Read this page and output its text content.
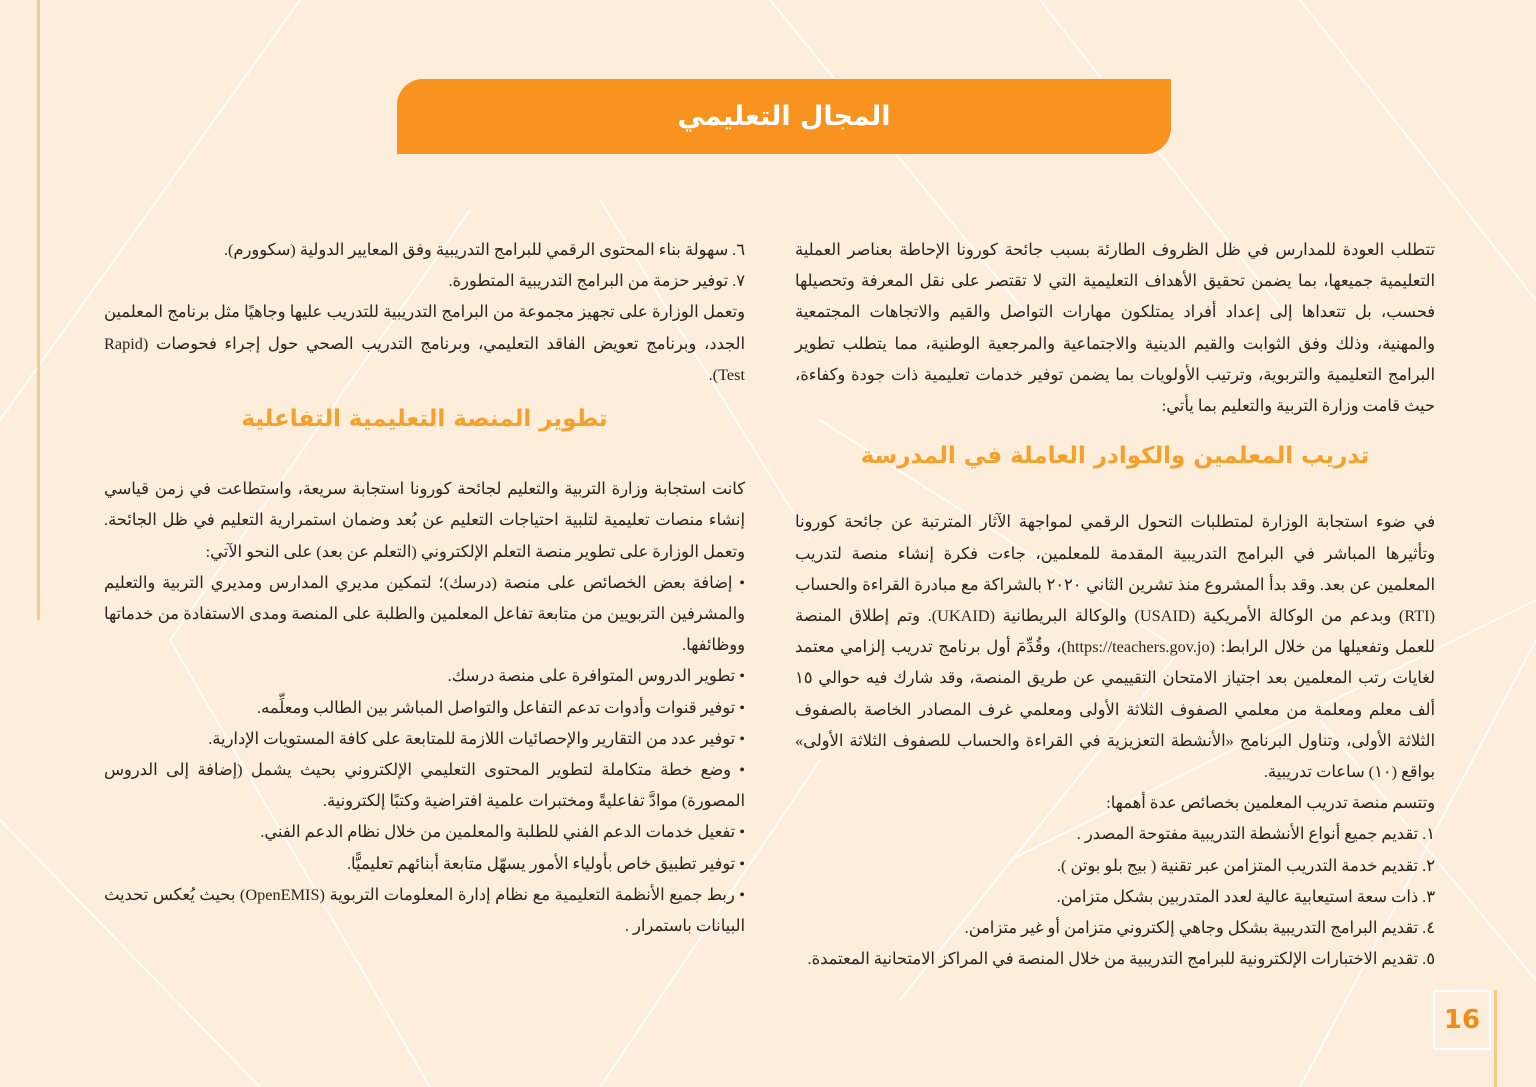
المجال التعليمي

تتطلب العودة للمدارس في ظل الظروف الطارئة بسبب جائحة كورونا الإحاطة بعناصر العملية التعليمية جميعها، بما يضمن تحقيق الأهداف التعليمية التي لا تقتصر على نقل المعرفة وتحصيلها فحسب، بل تتعداها إلى إعداد أفراد يمتلكون مهارات التواصل والقيم والاتجاهات المجتمعية والمهنية، وذلك وفق الثوابت والقيم الدينية والاجتماعية والمرجعية الوطنية، مما يتطلب تطوير البرامج التعليمية والتربوية، وترتيب الأولويات بما يضمن توفير خدمات تعليمية ذات جودة وكفاءة، حيث قامت وزارة التربية والتعليم بما يأتي:

تدريب المعلمين والكوادر العاملة في المدرسة

في ضوء استجابة الوزارة لمتطلبات التحول الرقمي لمواجهة الآثار المترتبة عن جائحة كورونا وتأثيرها المباشر في البرامج التدريبية المقدمة للمعلمين، جاءت فكرة إنشاء منصة لتدريب المعلمين عن بعد. وقد بدأ المشروع منذ تشرين الثاني ٢٠٢٠ بالشراكة مع مبادرة القراءة والحساب (RTI) وبدعم من الوكالة الأمريكية (USAID) والوكالة البريطانية (UKAID). وتم إطلاق المنصة للعمل وتفعيلها من خلال الرابط: (https://teachers.gov.jo)، وقُدِّمَ أول برنامج تدريب إلزامي معتمد لغايات رتب المعلمين بعد اجتياز الامتحان التقييمي عن طريق المنصة، وقد شارك فيه حوالي ١٥ ألف معلم ومعلمة من معلمي الصفوف الثلاثة الأولى ومعلمي غرف المصادر الخاصة بالصفوف الثلاثة الأولى، وتناول البرنامج «الأنشطة التعزيزية في القراءة والحساب للصفوف الثلاثة الأولى» بواقع (١٠) ساعات تدريبية.

وتتسم منصة تدريب المعلمين بخصائص عدة أهمها:

١. تقديم جميع أنواع الأنشطة التدريبية مفتوحة المصدر .
٢. تقديم خدمة التدريب المتزامن عبر تقنية ( بيج بلو بوتن ).
٣. ذات سعة استيعابية عالية لعدد المتدربين بشكل متزامن.
٤. تقديم البرامج التدريبية بشكل وجاهي إلكتروني متزامن أو غير متزامن.
٥. تقديم الاختبارات الإلكترونية للبرامج التدريبية من خلال المنصة في المراكز الامتحانية المعتمدة.
٦. سهولة بناء المحتوى الرقمي للبرامج التدريبية وفق المعايير الدولية (سكوورم).
٧. توفير حزمة من البرامج التدريبية المتطورة.

وتعمل الوزارة على تجهيز مجموعة من البرامج التدريبية للتدريب عليها وجاهيًا مثل برنامج المعلمين الجدد، وبرنامج تعويض الفاقد التعليمي، وبرنامج التدريب الصحي حول إجراء فحوصات (Rapid Test).

تطوير المنصة التعليمية التفاعلية

كانت استجابة وزارة التربية والتعليم لجائحة كورونا استجابة سريعة، واستطاعت في زمن قياسي إنشاء منصات تعليمية لتلبية احتياجات التعليم عن بُعد وضمان استمرارية التعليم في ظل الجائحة. وتعمل الوزارة على تطوير منصة التعلم الإلكتروني (التعلم عن بعد) على النحو الآتي:

• إضافة بعض الخصائص على منصة (درسك)؛ لتمكين مديري المدارس ومديري التربية والتعليم والمشرفين التربويين من متابعة تفاعل المعلمين والطلبة على المنصة ومدى الاستفادة من خدماتها ووظائفها.
• تطوير الدروس المتوافرة على منصة درسك.
• توفير قنوات وأدوات تدعم التفاعل والتواصل المباشر بين الطالب ومعلِّمه.
• توفير عدد من التقارير والإحصائيات اللازمة للمتابعة على كافة المستويات الإدارية.
• وضع خطة متكاملة لتطوير المحتوى التعليمي الإلكتروني بحيث يشمل (إضافة إلى الدروس المصورة) موادَّ تفاعليةً ومختبرات علمية افتراضية وكتبًا إلكترونية.
• تفعيل خدمات الدعم الفني للطلبة والمعلمين من خلال نظام الدعم الفني.
• توفير تطبيق خاص بأولياء الأمور يسهّل متابعة أبنائهم تعليميًّا.
• ربط جميع الأنظمة التعليمية مع نظام إدارة المعلومات التربوية (OpenEMIS) بحيث يُعكس تحديث البيانات باستمرار .
16
